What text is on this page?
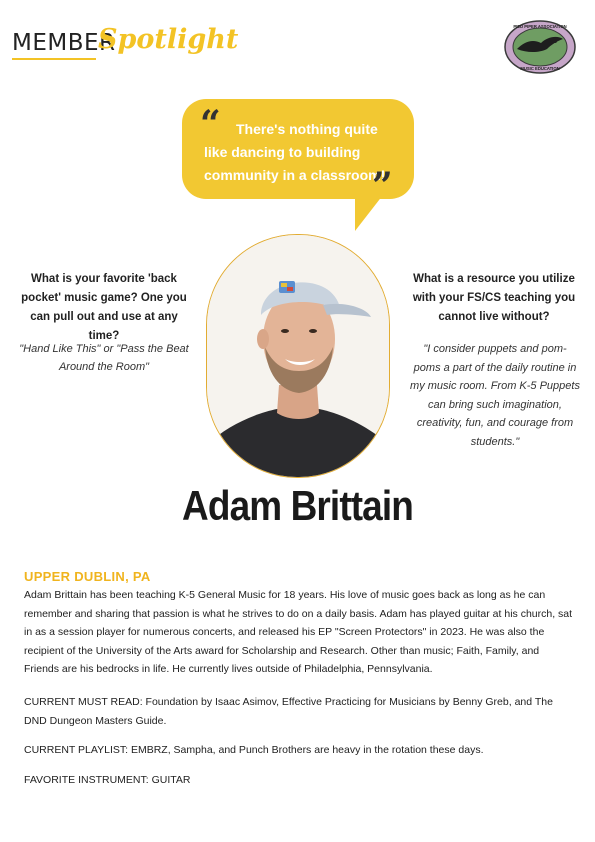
MEMBER
Spotlight	PIED PIPER ASSOCIATION
MUSIC EDUCATION
“	There's nothing quite like dancing to building community in a classroom!
”
What is your favorite 'back pocket' music game? One you can pull out and use at any time?
"Hand Like This" or "Pass the Beat Around the Room"
What is a resource you utilize with your FS/CS teaching you cannot live without?
"I consider puppets and pom-poms a part of the daily routine in my music room. From K-5 Puppets can bring such imagination, creativity, fun, and courage from students."
Adam Brittain
UPPER DUBLIN, PA
Adam Brittain has been teaching K-5 General Music for 18 years. His love of music goes back as long as he can remember and sharing that passion is what he strives to do on a daily basis. Adam has played guitar at his church, sat in as a session player for numerous concerts, and released his EP "Screen Protectors" in 2023. He was also the recipient of the University of the Arts award for Scholarship and Research. Other than music; Faith, Family, and Friends are his bedrocks in life. He currently lives outside of Philadelphia, Pennsylvania.
CURRENT MUST READ: Foundation by Isaac Asimov, Effective Practicing for Musicians by Benny Greb, and The DND Dungeon Masters Guide.
CURRENT PLAYLIST: EMBRZ, Sampha, and Punch Brothers are heavy in the rotation these days.
FAVORITE INSTRUMENT: GUITAR
